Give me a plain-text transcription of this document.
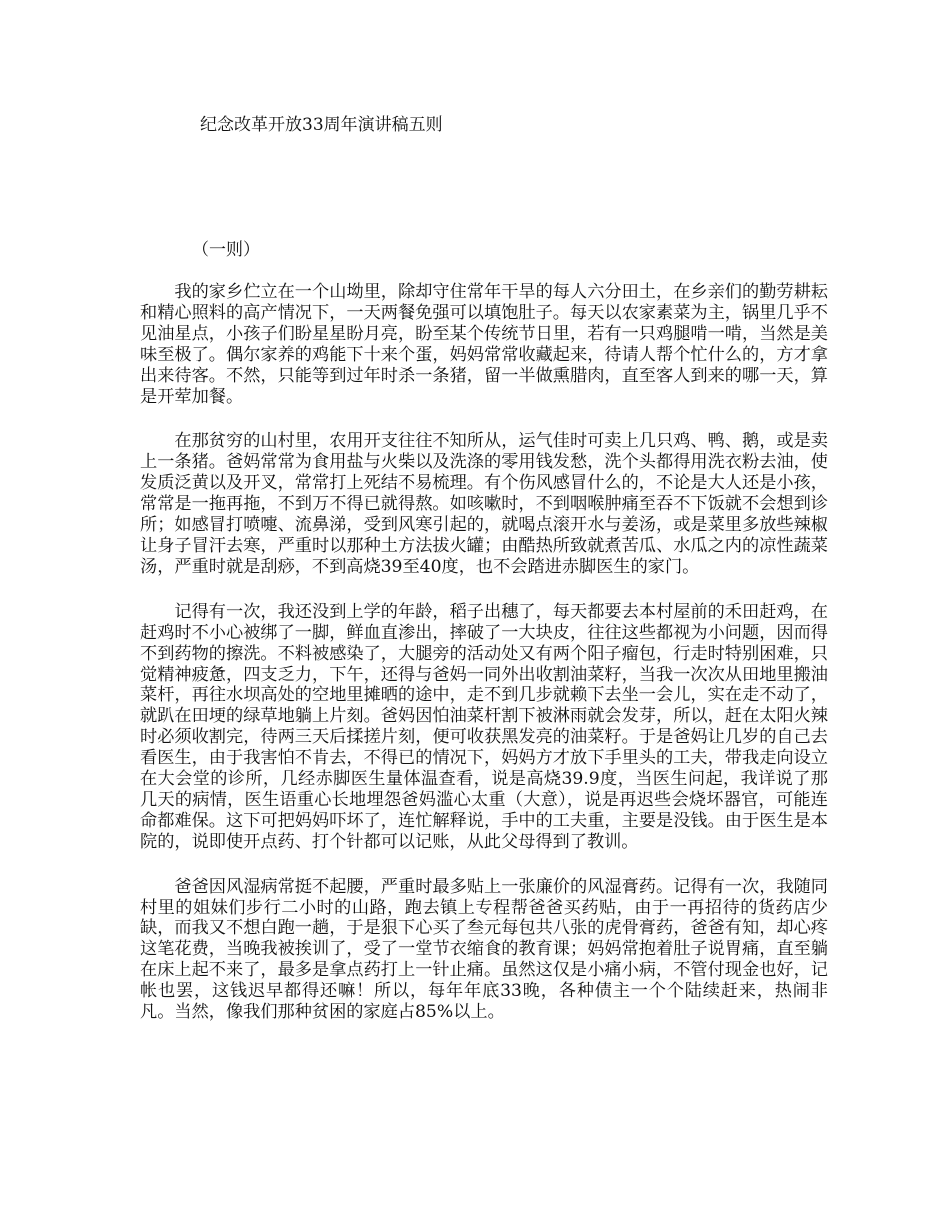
纪念改革开放33周年演讲稿五则
（一则）

我的家乡伫立在一个山坳里，除却守住常年干旱的每人六分田土，在乡亲们的勤劳耕耘和精心照料的高产情况下，一天两餐免强可以填饱肚子。每天以农家素菜为主，锅里几乎不见油星点，小孩子们盼星星盼月亮，盼至某个传统节日里，若有一只鸡腿啃一啃，当然是美味至极了。偶尔家养的鸡能下十来个蛋，妈妈常常收藏起来，待请人帮个忙什么的，方才拿出来待客。不然，只能等到过年时杀一条猪，留一半做熏腊肉，直至客人到来的哪一天，算是开荤加餐。

在那贫穷的山村里，农用开支往往不知所从，运气佳时可卖上几只鸡、鸭、鹅，或是卖上一条猪。爸妈常常为食用盐与火柴以及洗涤的零用钱发愁，洗个头都得用洗衣粉去油，使发质泛黄以及开叉，常常打上死结不易梳理。有个伤风感冒什么的，不论是大人还是小孩，常常是一拖再拖，不到万不得已就得熬。如咳嗽时，不到咽喉肿痛至吞不下饭就不会想到诊所；如感冒打喷嚏、流鼻涕，受到风寒引起的，就喝点滚开水与姜汤，或是菜里多放些辣椒让身子冒汗去寒，严重时以那种土方法拔火罐；由酷热所致就煮苦瓜、水瓜之内的凉性蔬菜汤，严重时就是刮痧，不到高烧39至40度，也不会踏进赤脚医生的家门。

记得有一次，我还没到上学的年龄，稻子出穗了，每天都要去本村屋前的禾田赶鸡，在赶鸡时不小心被绑了一脚，鲜血直渗出，摔破了一大块皮，往往这些都视为小问题，因而得不到药物的擦洗。不料被感染了，大腿旁的活动处又有两个阳子瘤包，行走时特别困难，只觉精神疲惫，四支乏力，下午，还得与爸妈一同外出收割油菜籽，当我一次次从田地里搬油菜杆，再往水坝高处的空地里摊晒的途中，走不到几步就赖下去坐一会儿，实在走不动了，就趴在田埂的绿草地躺上片刻。爸妈因怕油菜杆割下被淋雨就会发芽，所以，赶在太阳火辣时必须收割完，待两三天后揉搓片刻，便可收获黑发亮的油菜籽。于是爸妈让几岁的自己去看医生，由于我害怕不肯去，不得已的情况下，妈妈方才放下手里头的工夫，带我走向设立在大会堂的诊所，几经赤脚医生量体温查看，说是高烧39.9度，当医生问起，我详说了那几天的病情，医生语重心长地埋怨爸妈滥心太重（大意），说是再迟些会烧坏器官，可能连命都难保。这下可把妈妈吓坏了，连忙解释说，手中的工夫重，主要是没钱。由于医生是本院的，说即使开点药、打个针都可以记账，从此父母得到了教训。

爸爸因风湿病常挺不起腰，严重时最多贴上一张廉价的风湿膏药。记得有一次，我随同村里的姐妹们步行二小时的山路，跑去镇上专程帮爸爸买药贴，由于一再招待的货药店少缺，而我又不想白跑一趟，于是狠下心买了叁元每包共八张的虎骨膏药，爸爸有知，却心疼这笔花费，当晚我被挨训了，受了一堂节衣缩食的教育课；妈妈常抱着肚子说胃痛，直至躺在床上起不来了，最多是拿点药打上一针止痛。虽然这仅是小痛小病，不管付现金也好，记帐也罢，这钱迟早都得还嘛！所以，每年年底33晚，各种债主一个个陆续赶来，热闹非凡。当然，像我们那种贫困的家庭占85%以上。
